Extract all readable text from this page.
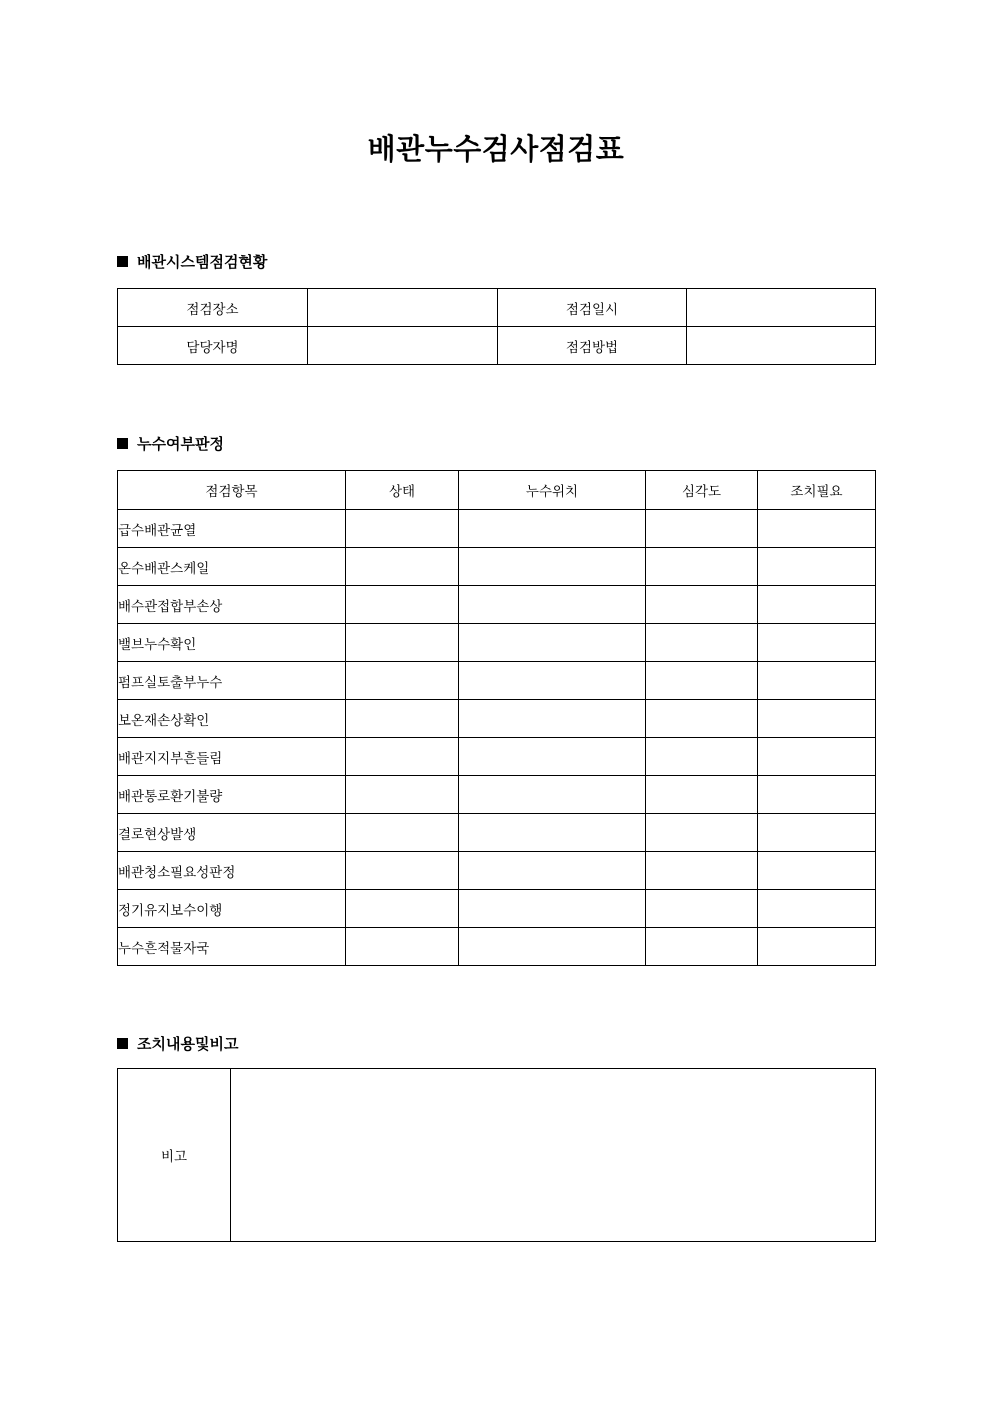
배관누수검사점검표
배관시스템점검현황
점검장소		점검일시	
담당자명		점검방법	
누수여부판정
점검항목	상태	누수위치	심각도	조치필요
급수배관균열				
온수배관스케일				
배수관접합부손상				
밸브누수확인				
펌프실토출부누수				
보온재손상확인				
배관지지부흔들림				
배관통로환기불량				
결로현상발생				
배관청소필요성판정				
정기유지보수이행				
누수흔적물자국				
조치내용및비고
비고	
